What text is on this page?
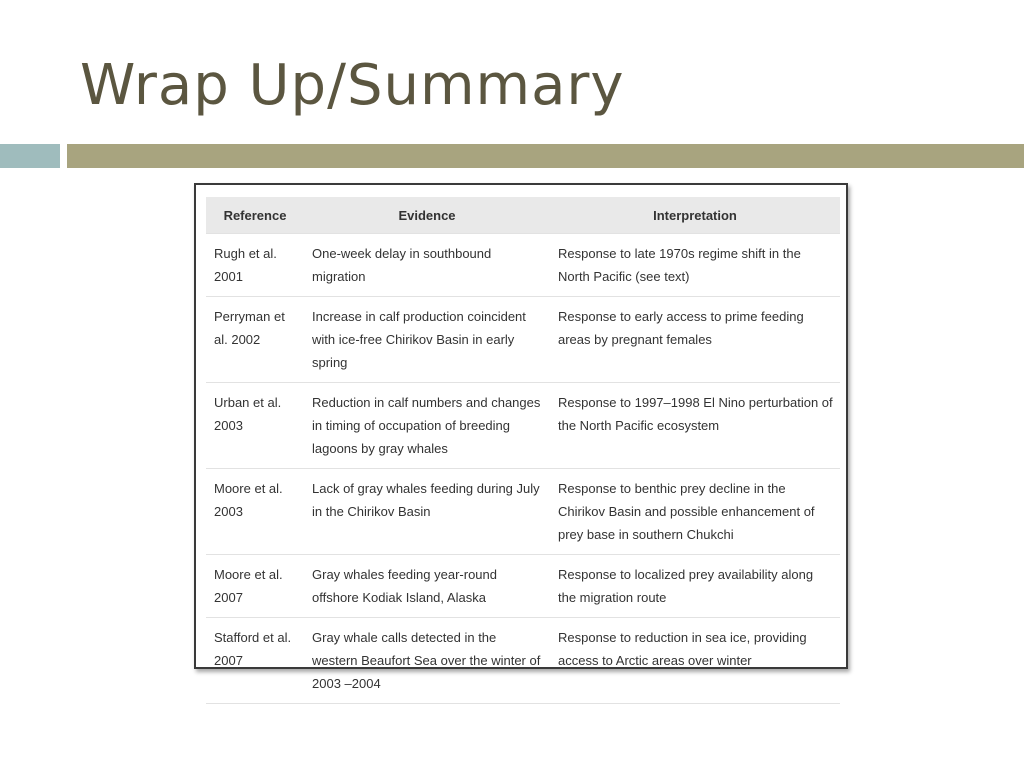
Wrap Up/Summary
Reference	Evidence	Interpretation
Rugh et al. 2001	One-week delay in southbound migration	Response to late 1970s regime shift in the North Pacific (see text)
Perryman et al. 2002	Increase in calf production coincident with ice-free Chirikov Basin in early spring	Response to early access to prime feeding areas by pregnant females
Urban et al. 2003	Reduction in calf numbers and changes in timing of occupation of breeding lagoons by gray whales	Response to 1997–1998 El Nino perturbation of the North Pacific ecosystem
Moore et al. 2003	Lack of gray whales feeding during July in the Chirikov Basin	Response to benthic prey decline in the Chirikov Basin and possible enhancement of prey base in southern Chukchi
Moore et al. 2007	Gray whales feeding year-round offshore Kodiak Island, Alaska	Response to localized prey availability along the migration route
Stafford et al. 2007	Gray whale calls detected in the western Beaufort Sea over the winter of 2003 –2004	Response to reduction in sea ice, providing access to Arctic areas over winter
